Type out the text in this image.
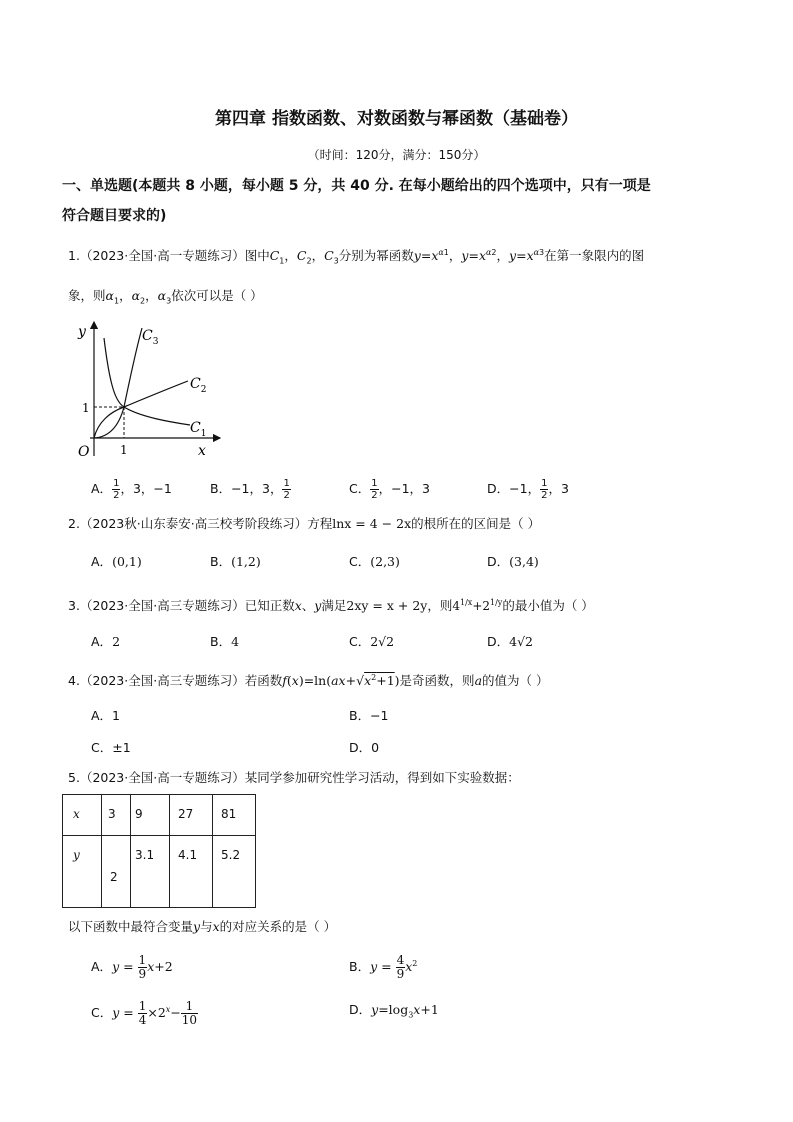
第四章 指数函数、对数函数与幂函数（基础卷）
（时间：120分，满分：150分）
一、单选题(本题共 8 小题，每小题 5 分，共 40 分. 在每小题给出的四个选项中，只有一项是
符合题目要求的)
1.（2023·全国·高一专题练习）图中$C_1$，$C_2$，$C_3$分别为幂函数$y=x^{\alpha 1}$，$y=x^{\alpha 2}$，$y=x^{\alpha 3}$在第一象限内的图
象，则$\alpha_1$，$\alpha_2$，$\alpha_3$依次可以是（ ）
y
x
O	1
1
$C_3$
$C_2$
$C_1$
A． $\frac{1}{2}$ ，3，−1	B．−1，3， $\frac{1}{2}$	C． $\frac{1}{2}$ ，−1，3	D．−1， $\frac{1}{2}$ ，3
2.（2023秋·山东泰安·高三校考阶段练习）方程lnx = 4 − 2x的根所在的区间是（ ）
A．(0,1)	B．(1,2)	C．(2,3)	D．(3,4)
3.（2023·全国·高三专题练习）已知正数x、y满足2xy = x + 2y，则$4^{1/x}+2^{1/y}$的最小值为（ ）
A．2	B．4	C．2√2	D．4√2
4.（2023·全国·高三专题练习）若函数$f(x)=\ln(ax+√x^2+1)$是奇函数，则a的值为（ ）
A．1	B．−1
C．±1	D．0
5.（2023·全国·高一专题练习）某同学参加研究性学习活动，得到如下实验数据：
x	3	9	27	81
y	2	3.1	4.1	5.2
以下函数中最符合变量y与x的对应关系的是（ ）
A．$y = \frac{1}{9} x+2$	B．$y = \frac{4}{9} x^2$
C．$y = \frac{1}{4} \times 2^x- \frac{1}{10}$	D．$y=\log_3x+1$
